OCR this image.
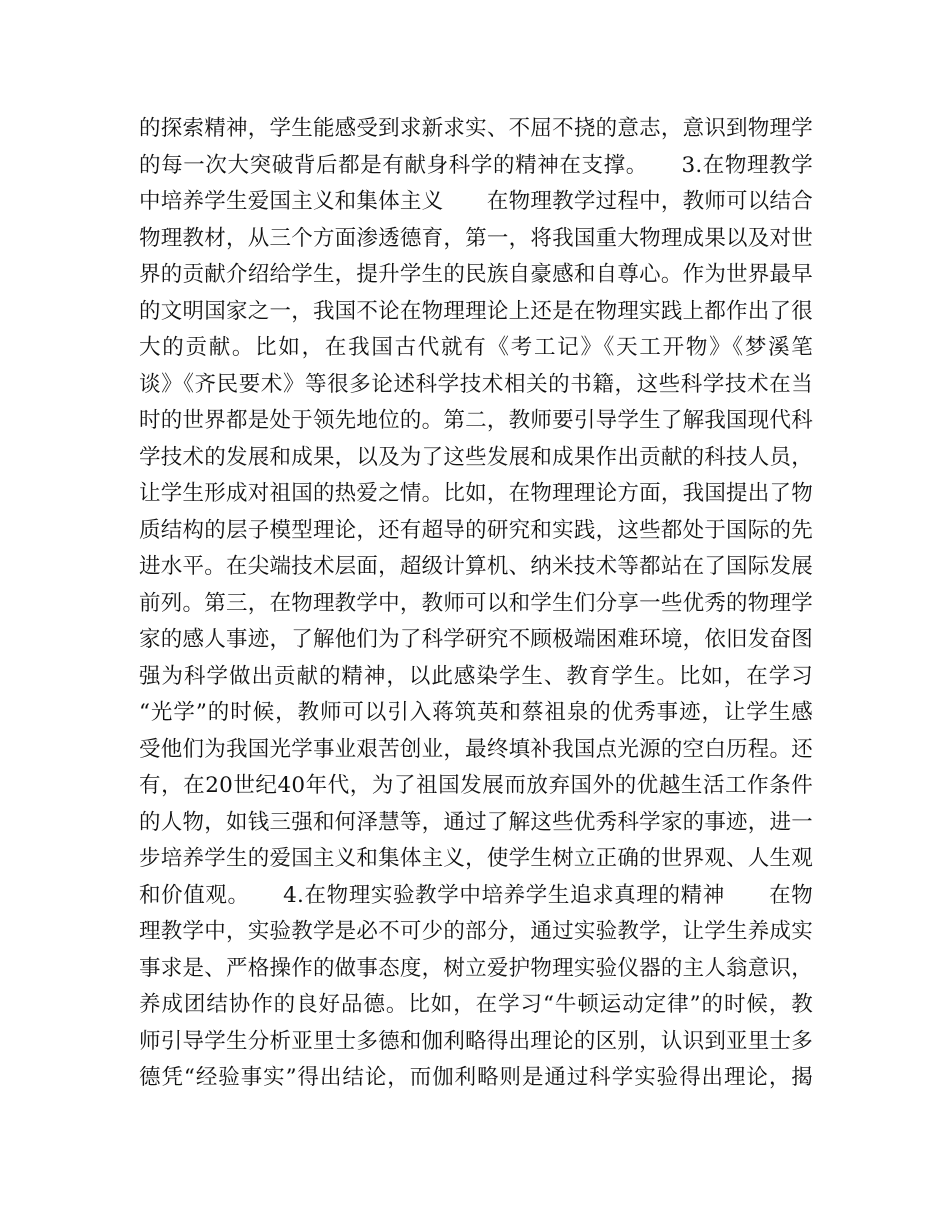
的探索精神，学生能感受到求新求实、不屈不挠的意志，意识到物理学
的每一次大突破背后都是有献身科学的精神在支撑。　　3.在物理教学
中培养学生爱国主义和集体主义　　在物理教学过程中，教师可以结合
物理教材，从三个方面渗透德育，第一，将我国重大物理成果以及对世
界的贡献介绍给学生，提升学生的民族自豪感和自尊心。作为世界最早
的文明国家之一，我国不论在物理理论上还是在物理实践上都作出了很
大的贡献。比如，在我国古代就有《考工记》《天工开物》《梦溪笔
谈》《齐民要术》等很多论述科学技术相关的书籍，这些科学技术在当
时的世界都是处于领先地位的。第二，教师要引导学生了解我国现代科
学技术的发展和成果，以及为了这些发展和成果作出贡献的科技人员，
让学生形成对祖国的热爱之情。比如，在物理理论方面，我国提出了物
质结构的层子模型理论，还有超导的研究和实践，这些都处于国际的先
进水平。在尖端技术层面，超级计算机、纳米技术等都站在了国际发展
前列。第三，在物理教学中，教师可以和学生们分享一些优秀的物理学
家的感人事迹，了解他们为了科学研究不顾极端困难环境，依旧发奋图
强为科学做出贡献的精神，以此感染学生、教育学生。比如，在学习
“光学”的时候，教师可以引入蒋筑英和蔡祖泉的优秀事迹，让学生感
受他们为我国光学事业艰苦创业，最终填补我国点光源的空白历程。还
有，在20世纪40年代，为了祖国发展而放弃国外的优越生活工作条件
的人物，如钱三强和何泽慧等，通过了解这些优秀科学家的事迹，进一
步培养学生的爱国主义和集体主义，使学生树立正确的世界观、人生观
和价值观。　　4.在物理实验教学中培养学生追求真理的精神　　在物
理教学中，实验教学是必不可少的部分，通过实验教学，让学生养成实
事求是、严格操作的做事态度，树立爱护物理实验仪器的主人翁意识，
养成团结协作的良好品德。比如，在学习“牛顿运动定律”的时候，教
师引导学生分析亚里士多德和伽利略得出理论的区别，认识到亚里士多
德凭“经验事实”得出结论，而伽利略则是通过科学实验得出理论，揭
